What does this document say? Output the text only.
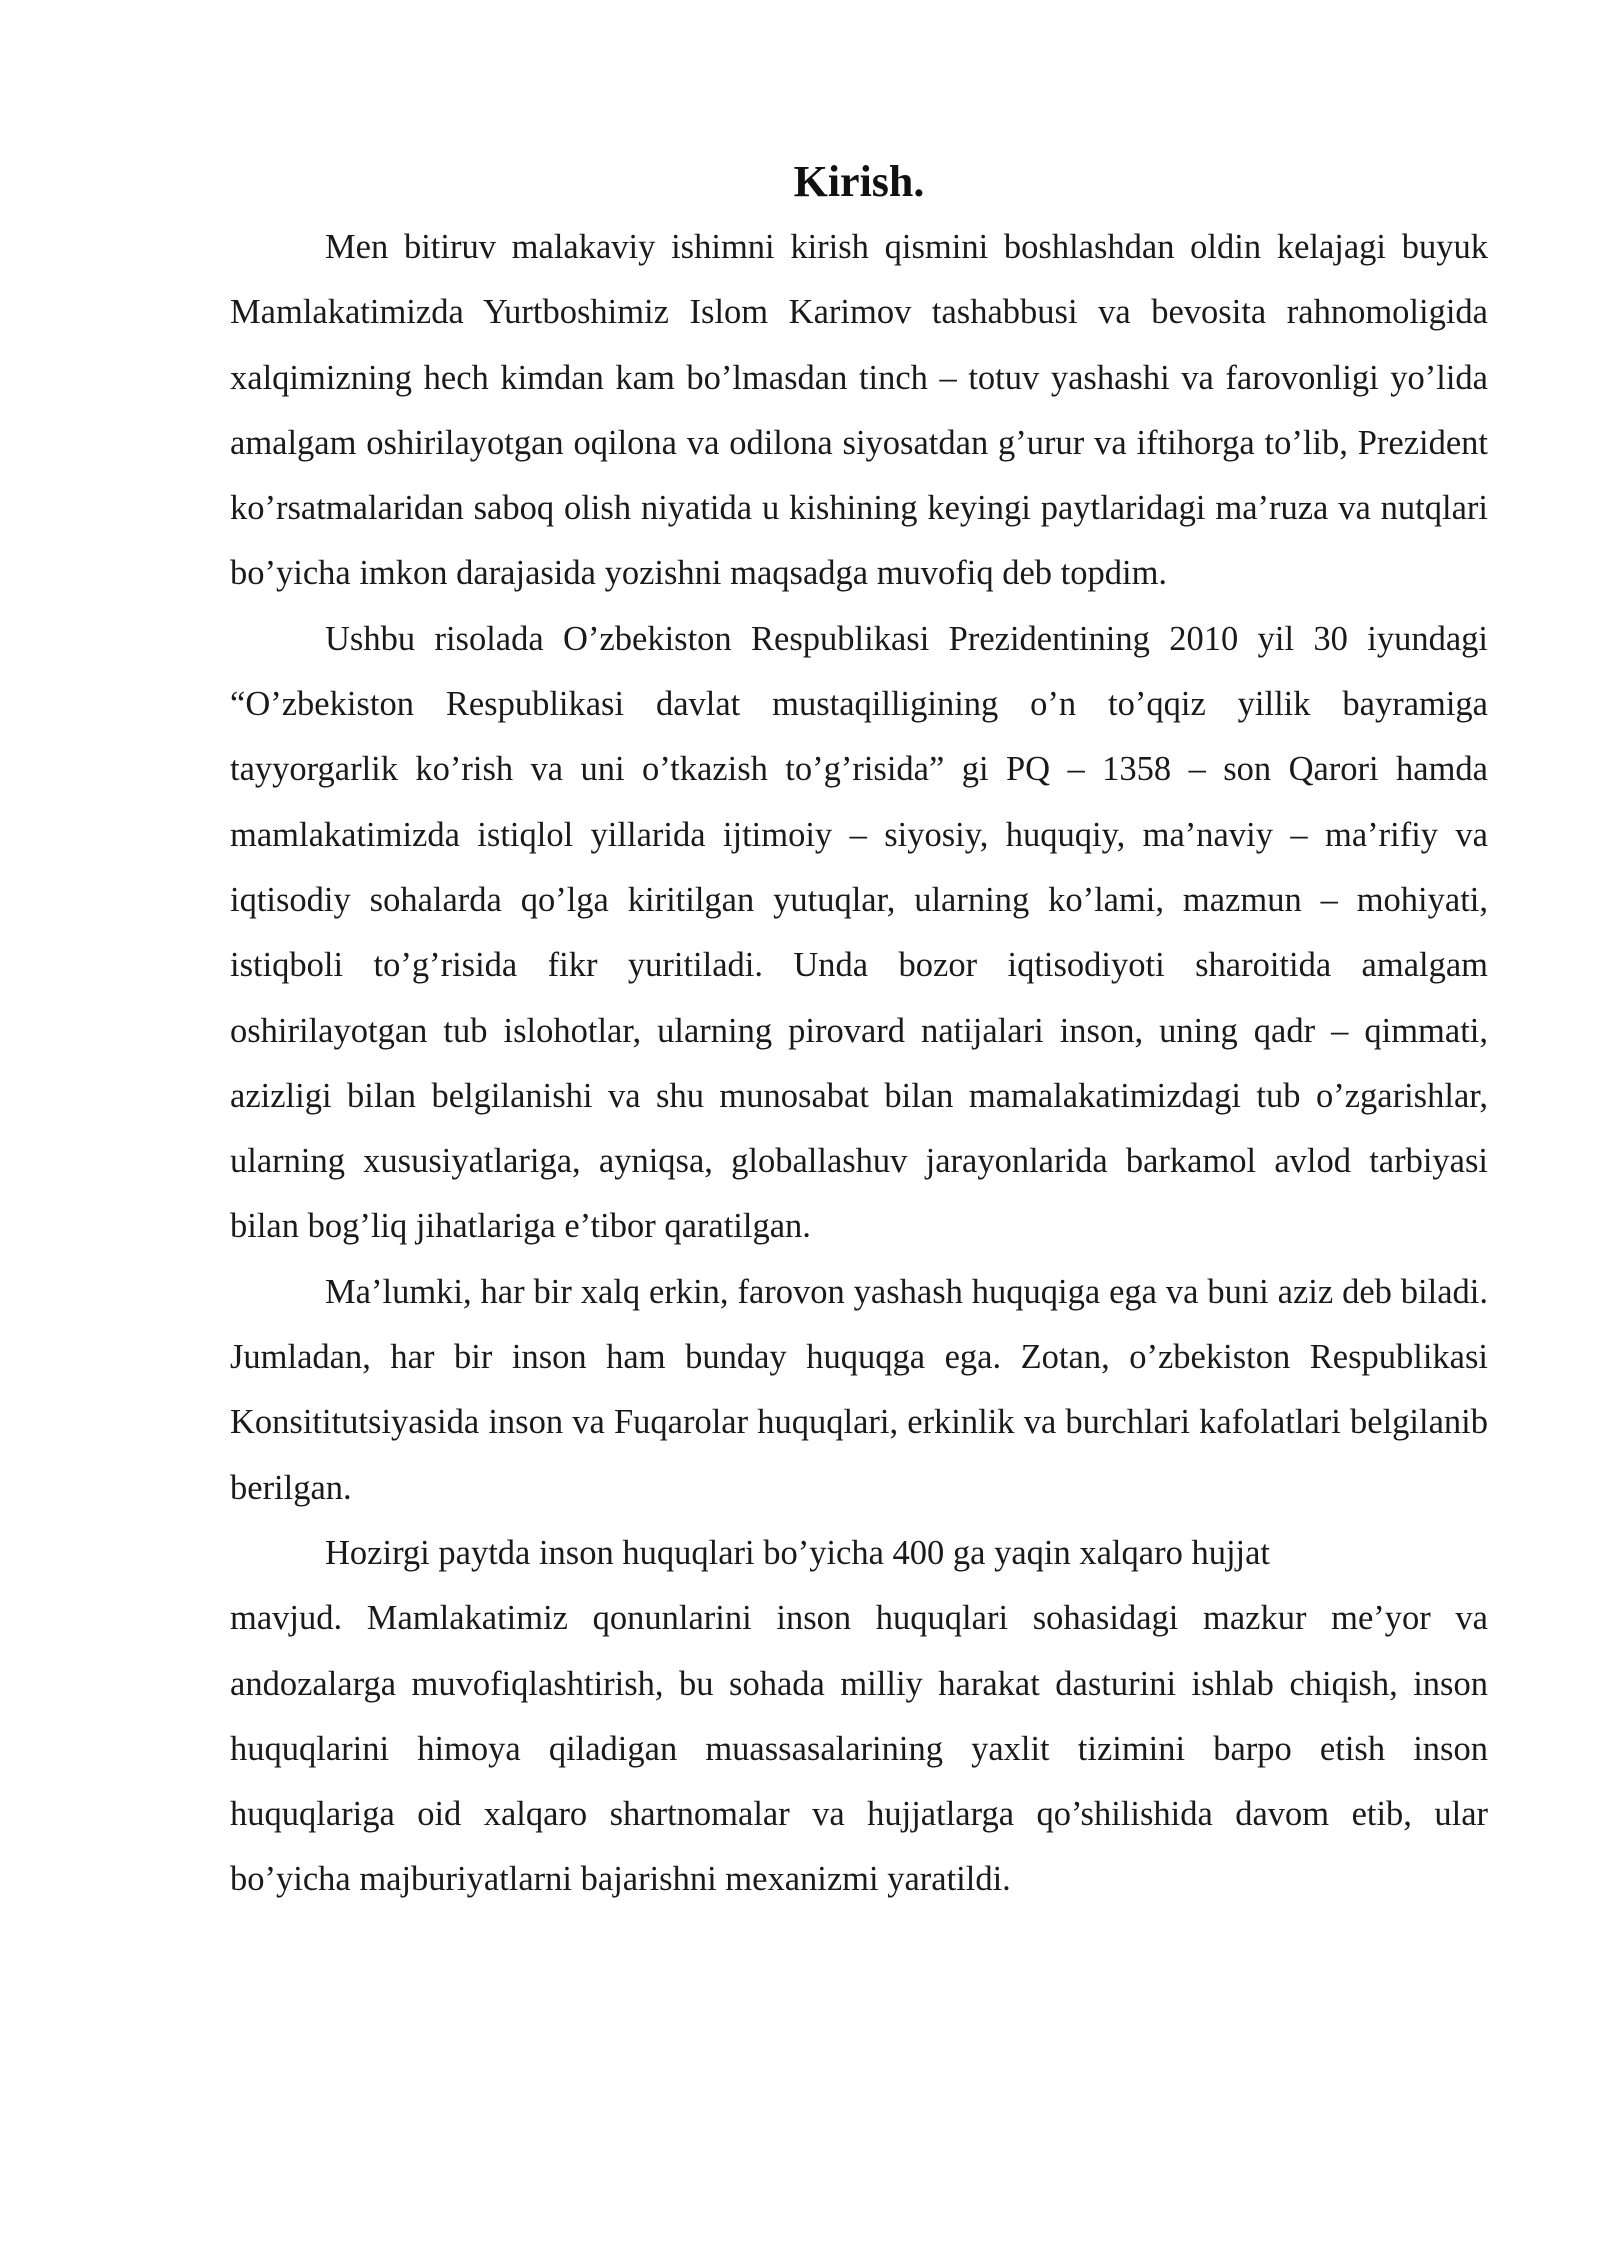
Kirish.

Men bitiruv malakaviy ishimni kirish qismini boshlashdan oldin kelajagi buyuk Mamlakatimizda Yurtboshimiz Islom Karimov tashabbusi va bevosita rahnomoligida xalqimizning hech kimdan kam bo’lmasdan tinch – totuv yashashi va farovonligi yo’lida amalgam oshirilayotgan oqilona va odilona siyosatdan g’urur va iftihorga to’lib, Prezident ko’rsatmalaridan saboq olish niyatida u kishining keyingi paytlaridagi ma’ruza va nutqlari bo’yicha imkon darajasida yozishni maqsadga muvofiq deb topdim.

Ushbu risolada O’zbekiston Respublikasi Prezidentining 2010 yil 30 iyundagi “O’zbekiston Respublikasi davlat mustaqilligining o’n to’qqiz yillik bayramiga tayyorgarlik ko’rish va uni o’tkazish to’g’risida” gi PQ – 1358 – son Qarori hamda mamlakatimizda istiqlol yillarida ijtimoiy – siyosiy, huquqiy, ma’naviy – ma’rifiy va iqtisodiy sohalarda qo’lga kiritilgan yutuqlar, ularning ko’lami, mazmun – mohiyati, istiqboli to’g’risida fikr yuritiladi. Unda bozor iqtisodiyoti sharoitida amalgam oshirilayotgan tub islohotlar, ularning pirovard natijalari inson, uning qadr – qimmati, azizligi bilan belgilanishi va shu munosabat bilan mamalakatimizdagi tub o’zgarishlar, ularning xususiyatlariga, ayniqsa, globallashuv jarayonlarida barkamol avlod tarbiyasi bilan bog’liq jihatlariga e’tibor qaratilgan.

Ma’lumki, har bir xalq erkin, farovon yashash huquqiga ega va buni aziz deb biladi. Jumladan, har bir inson ham bunday huquqga ega. Zotan, o’zbekiston Respublikasi Konsititutsiyasida inson va Fuqarolar huquqlari, erkinlik va burchlari kafolatlari belgilanib berilgan.

Hozirgi paytda inson huquqlari bo’yicha 400 ga yaqin xalqaro hujjat

mavjud. Mamlakatimiz qonunlarini inson huquqlari sohasidagi mazkur me’yor va andozalarga muvofiqlashtirish, bu sohada milliy harakat dasturini ishlab chiqish, inson huquqlarini himoya qiladigan muassasalarining yaxlit tizimini barpo etish inson huquqlariga oid xalqaro shartnomalar va hujjatlarga qo’shilishida davom etib, ular bo’yicha majburiyatlarni bajarishni mexanizmi yaratildi.
